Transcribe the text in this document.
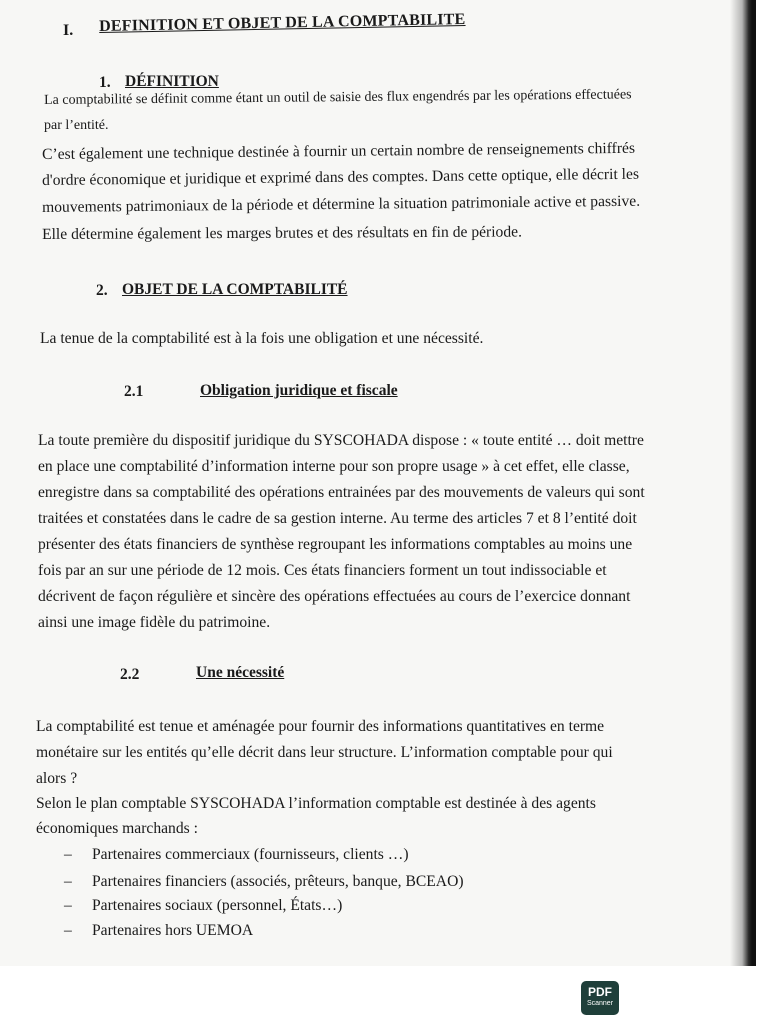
I. DEFINITION ET OBJET DE LA COMPTABILITE
1. DÉFINITION
La comptabilité se définit comme étant un outil de saisie des flux engendrés par les opérations effectuées
par l’entité.
C’est également une technique destinée à fournir un certain nombre de renseignements chiffrés
d'ordre économique et juridique et exprimé dans des comptes. Dans cette optique, elle décrit les
mouvements patrimoniaux de la période et détermine la situation patrimoniale active et passive.
Elle détermine également les marges brutes et des résultats en fin de période.
2. OBJET DE LA COMPTABILITÉ
La tenue de la comptabilité est à la fois une obligation et une nécessité.
2.1	Obligation juridique et fiscale
La toute première du dispositif juridique du SYSCOHADA dispose : « toute entité … doit mettre
en place une comptabilité d’information interne pour son propre usage » à cet effet, elle classe,
enregistre dans sa comptabilité des opérations entrainées par des mouvements de valeurs qui sont
traitées et constatées dans le cadre de sa gestion interne. Au terme des articles 7 et 8 l’entité doit
présenter des états financiers de synthèse regroupant les informations comptables au moins une
fois par an sur une période de 12 mois. Ces états financiers forment un tout indissociable et
décrivent de façon régulière et sincère des opérations effectuées au cours de l’exercice donnant
ainsi une image fidèle du patrimoine.
2.2	Une nécessité
La comptabilité est tenue et aménagée pour fournir des informations quantitatives en terme
monétaire sur les entités qu’elle décrit dans leur structure. L’information comptable pour qui
alors ?
Selon le plan comptable SYSCOHADA l’information comptable est destinée à des agents
économiques marchands :
– Partenaires commerciaux (fournisseurs, clients …)
– Partenaires financiers (associés, prêteurs, banque, BCEAO)
– Partenaires sociaux (personnel, États…)
– Partenaires hors UEMOA
PDF
Scanner
